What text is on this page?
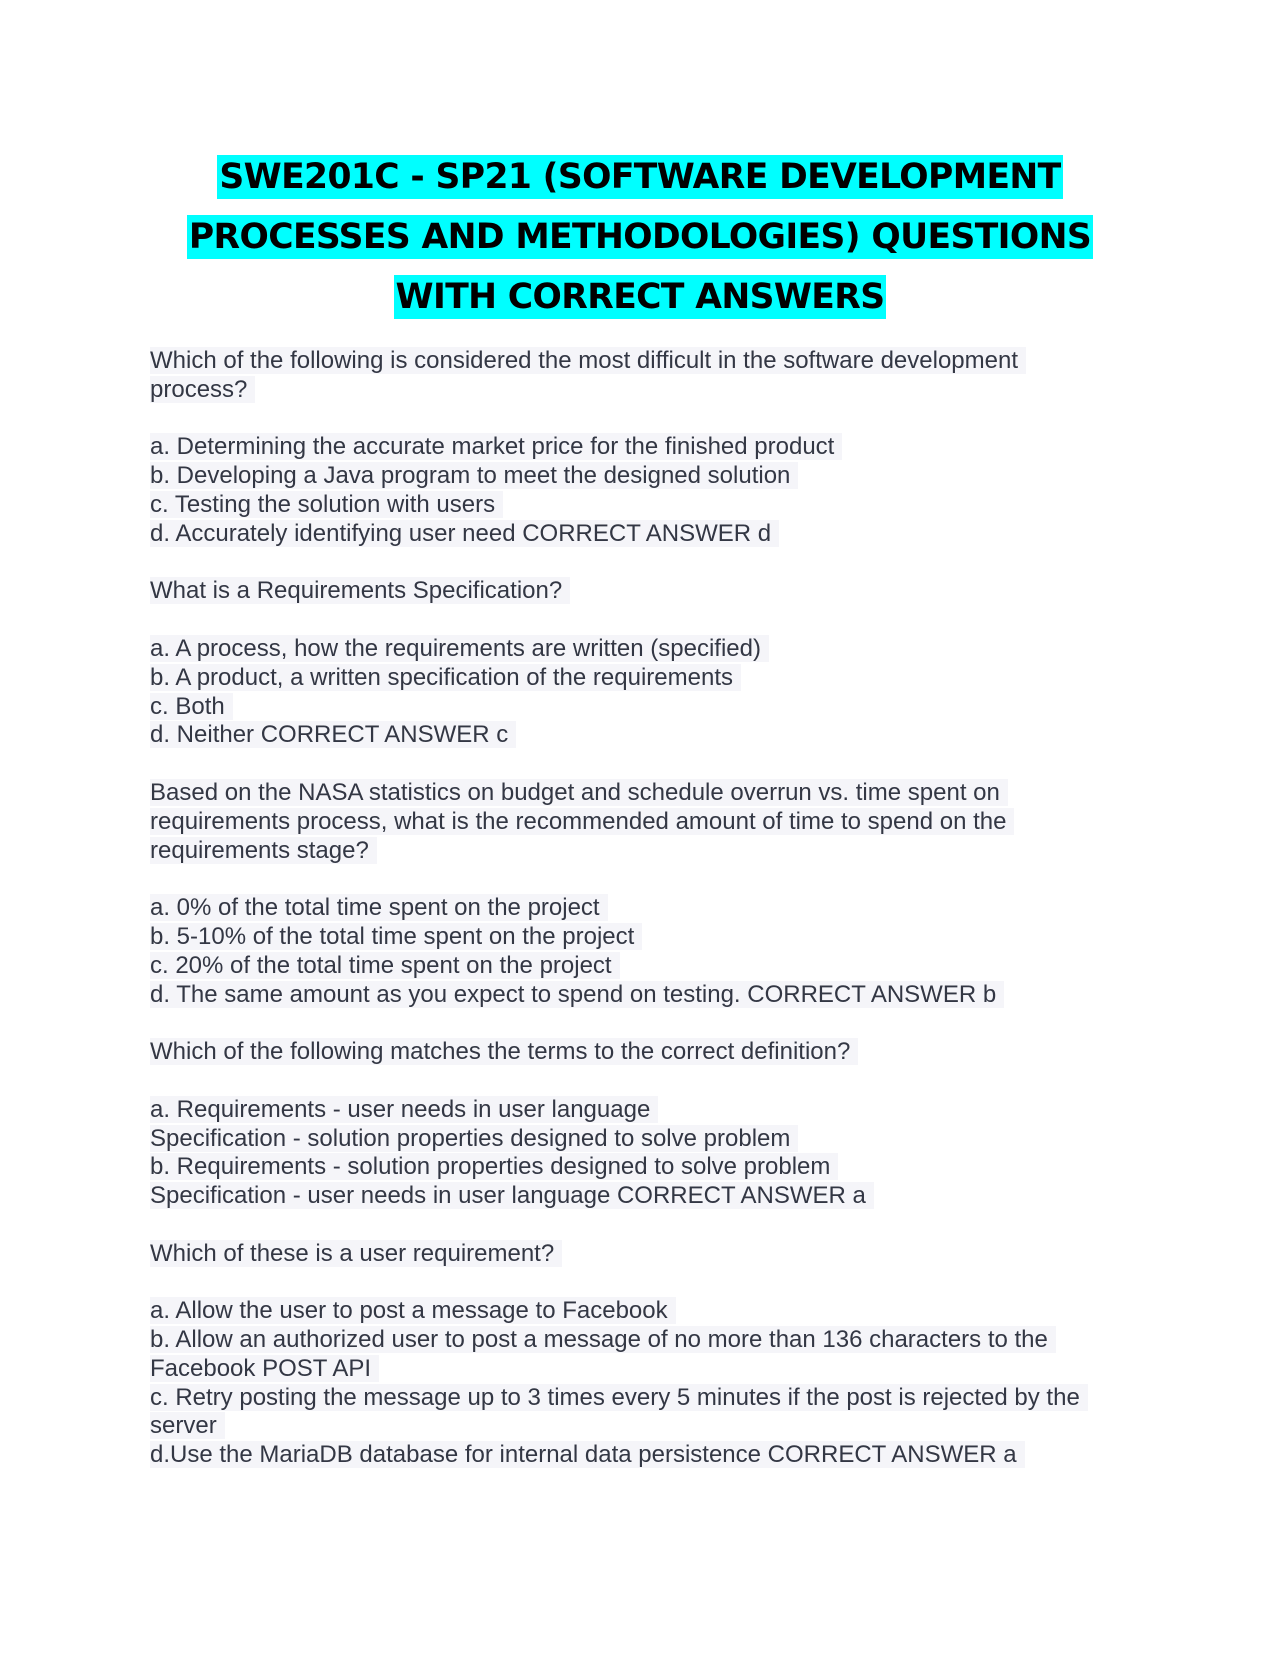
SWE201C - SP21 (SOFTWARE DEVELOPMENT
PROCESSES AND METHODOLOGIES) QUESTIONS
WITH CORRECT ANSWERS
Which of the following is considered the most difficult in the software development
process?
a. Determining the accurate market price for the finished product
b. Developing a Java program to meet the designed solution
c. Testing the solution with users
d. Accurately identifying user need CORRECT ANSWER d
What is a Requirements Specification?
a. A process, how the requirements are written (specified)
b. A product, a written specification of the requirements
c. Both
d. Neither CORRECT ANSWER c
Based on the NASA statistics on budget and schedule overrun vs. time spent on
requirements process, what is the recommended amount of time to spend on the
requirements stage?
a. 0% of the total time spent on the project
b. 5-10% of the total time spent on the project
c. 20% of the total time spent on the project
d. The same amount as you expect to spend on testing. CORRECT ANSWER b
Which of the following matches the terms to the correct definition?
a. Requirements - user needs in user language
Specification - solution properties designed to solve problem
b. Requirements - solution properties designed to solve problem
Specification - user needs in user language CORRECT ANSWER a
Which of these is a user requirement?
a. Allow the user to post a message to Facebook
b. Allow an authorized user to post a message of no more than 136 characters to the
Facebook POST API
c. Retry posting the message up to 3 times every 5 minutes if the post is rejected by the
server
d.Use the MariaDB database for internal data persistence CORRECT ANSWER a
